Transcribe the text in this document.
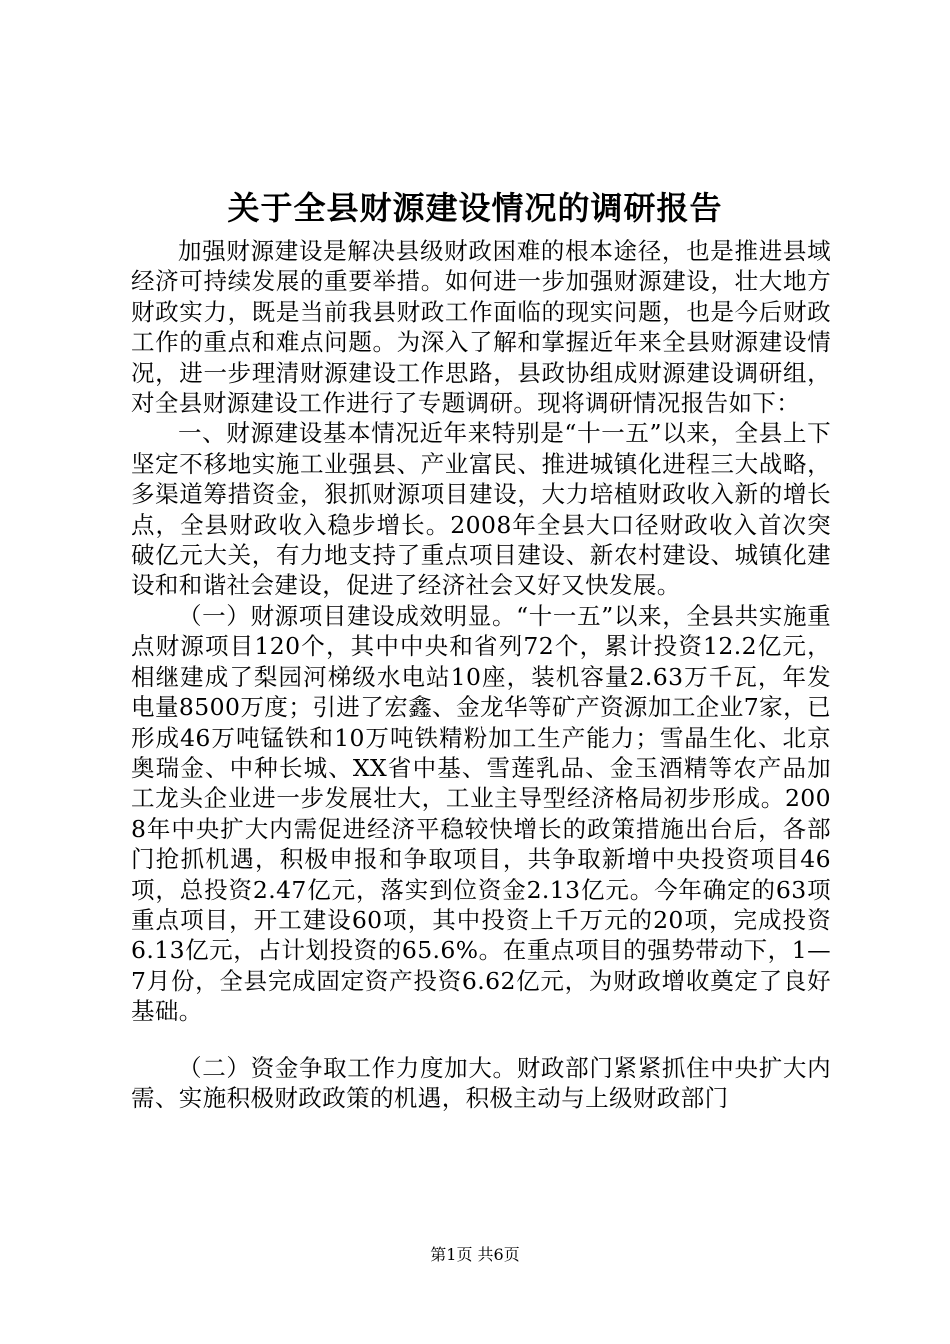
关于全县财源建设情况的调研报告

加强财源建设是解决县级财政困难的根本途径，也是推进县域经济可持续发展的重要举措。如何进一步加强财源建设，壮大地方财政实力，既是当前我县财政工作面临的现实问题，也是今后财政工作的重点和难点问题。为深入了解和掌握近年来全县财源建设情况，进一步理清财源建设工作思路，县政协组成财源建设调研组，对全县财源建设工作进行了专题调研。现将调研情况报告如下：

一、财源建设基本情况近年来特别是“十一五”以来，全县上下坚定不移地实施工业强县、产业富民、推进城镇化进程三大战略，多渠道筹措资金，狠抓财源项目建设，大力培植财政收入新的增长点，全县财政收入稳步增长。2008年全县大口径财政收入首次突破亿元大关，有力地支持了重点项目建设、新农村建设、城镇化建设和和谐社会建设，促进了经济社会又好又快发展。

（一）财源项目建设成效明显。“十一五”以来，全县共实施重点财源项目120个，其中中央和省列72个，累计投资12.2亿元，相继建成了梨园河梯级水电站10座，装机容量2.63万千瓦，年发电量8500万度；引进了宏鑫、金龙华等矿产资源加工企业7家，已形成46万吨锰铁和10万吨铁精粉加工生产能力；雪晶生化、北京奥瑞金、中种长城、XX省中基、雪莲乳品、金玉酒精等农产品加工龙头企业进一步发展壮大，工业主导型经济格局初步形成。2008年中央扩大内需促进经济平稳较快增长的政策措施出台后，各部门抢抓机遇，积极申报和争取项目，共争取新增中央投资项目46项，总投资2.47亿元，落实到位资金2.13亿元。今年确定的63项重点项目，开工建设60项，其中投资上千万元的20项，完成投资6.13亿元，占计划投资的65.6%。在重点项目的强势带动下，1—7月份，全县完成固定资产投资6.62亿元，为财政增收奠定了良好基础。

（二）资金争取工作力度加大。财政部门紧紧抓住中央扩大内需、实施积极财政政策的机遇，积极主动与上级财政部门

第1页 共6页
